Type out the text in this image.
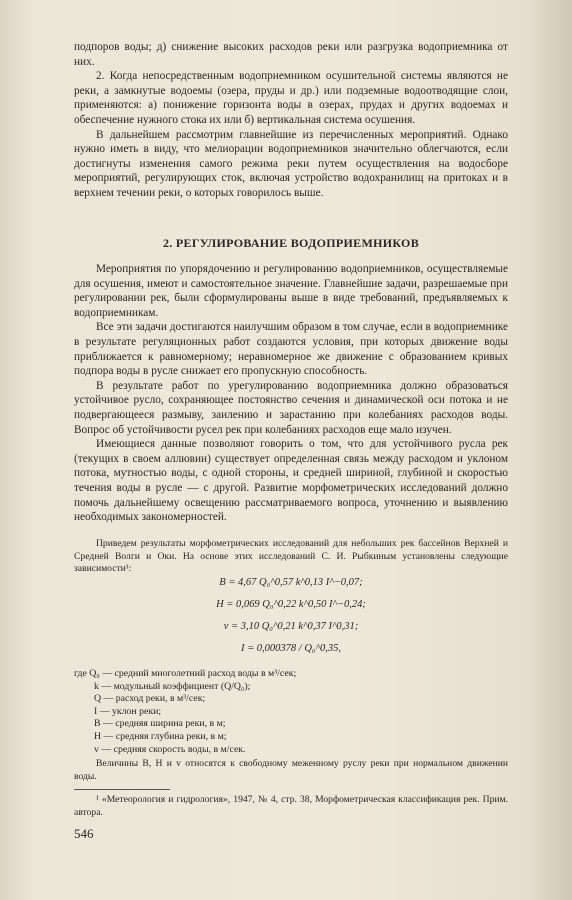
подпоров воды; д) снижение высоких расходов реки или разгрузка водоприемника от них.

2. Когда непосредственным водоприемником осушительной системы являются не реки, а замкнутые водоемы (озера, пруды и др.) или подземные водоотводящие слои, применяются: а) понижение горизонта воды в озерах, прудах и других водоемах и обеспечение нужного стока их или б) вертикальная система осушения.

В дальнейшем рассмотрим главнейшие из перечисленных мероприятий. Однако нужно иметь в виду, что мелиорации водоприемников значительно облегчаются, если достигнуты изменения самого режима реки путем осуществления на водосборе мероприятий, регулирующих сток, включая устройство водохранилищ на притоках и в верхнем течении реки, о которых говорилось выше.

2. РЕГУЛИРОВАНИЕ ВОДОПРИЕМНИКОВ

Мероприятия по упорядочению и регулированию водоприемников, осуществляемые для осушения, имеют и самостоятельное значение. Главнейшие задачи, разрешаемые при регулировании рек, были сформулированы выше в виде требований, предъявляемых к водоприемникам.

Все эти задачи достигаются наилучшим образом в том случае, если в водоприемнике в результате регуляционных работ создаются условия, при которых движение воды приближается к равномерному; неравномерное же движение с образованием кривых подпора воды в русле снижает его пропускную способность.

В результате работ по урегулированию водоприемника должно образоваться устойчивое русло, сохраняющее постоянство сечения и динамической оси потока и не подвергающееся размыву, заилению и зарастанию при колебаниях расходов воды. Вопрос об устойчивости русел рек при колебаниях расходов еще мало изучен.

Имеющиеся данные позволяют говорить о том, что для устойчивого русла рек (текущих в своем аллювии) существует определенная связь между расходом и уклоном потока, мутностью воды, с одной стороны, и средней шириной, глубиной и скоростью течения воды в русле — с другой. Развитие морфометрических исследований должно помочь дальнейшему освещению рассматриваемого вопроса, уточнению и выявлению необходимых закономерностей.

Приведем результаты морфометрических исследований для небольших рек бассейнов Верхней и Средней Волги и Оки. На основе этих исследований С. И. Рыбкиным установлены следующие зависимости¹:

B = 4,67 Q₀^0,57 k^0,13 I^−0,07;
H = 0,069 Q₀^0,22 k^0,50 I^−0,24;
v = 3,10 Q₀^0,21 k^0,37 I^0,31;
I = 0,000378 / Q₀^0,35,
где Q₀ — средний многолетний расход воды в м³/сек;
k — модульный коэффициент (Q/Q₀);
Q — расход реки, в м³/сек;
I — уклон реки;
B — средняя ширина реки, в м;
H — средняя глубина реки, в м;
v — средняя скорость воды, в м/сек.

Величины B, H и v относятся к свободному меженному руслу реки при нормальном движении воды.

¹ «Метеорология и гидрология», 1947, № 4, стр. 38, Морфометрическая классификация рек. Прим. автора.

546
